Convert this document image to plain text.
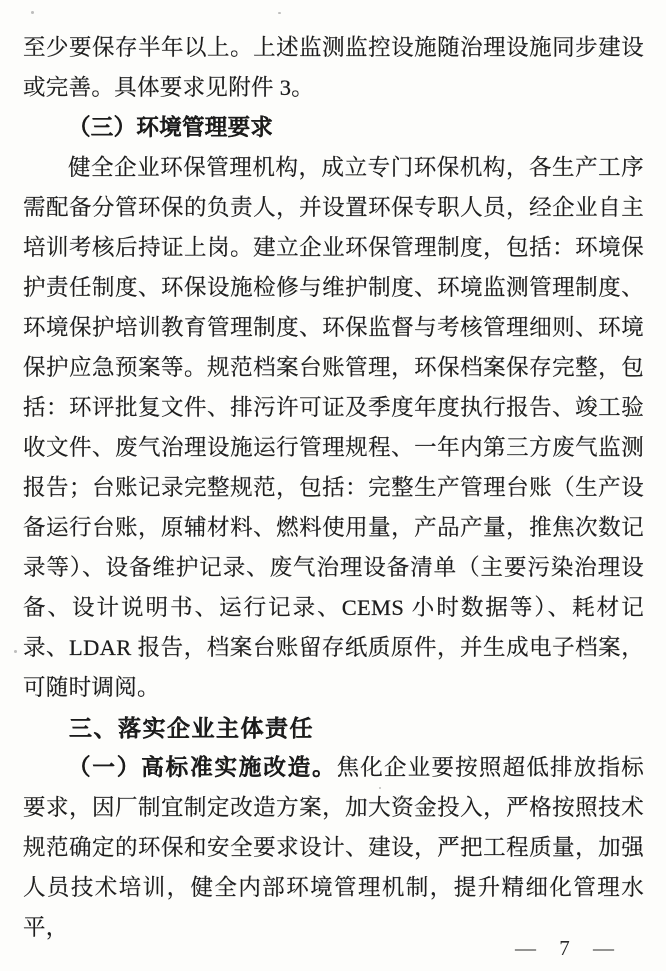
至少要保存半年以上。上述监测监控设施随治理设施同步建设或完善。具体要求见附件 3。

（三）环境管理要求

健全企业环保管理机构，成立专门环保机构，各生产工序需配备分管环保的负责人，并设置环保专职人员，经企业自主培训考核后持证上岗。建立企业环保管理制度，包括：环境保护责任制度、环保设施检修与维护制度、环境监测管理制度、环境保护培训教育管理制度、环保监督与考核管理细则、环境保护应急预案等。规范档案台账管理，环保档案保存完整，包括：环评批复文件、排污许可证及季度年度执行报告、竣工验收文件、废气治理设施运行管理规程、一年内第三方废气监测报告；台账记录完整规范，包括：完整生产管理台账（生产设备运行台账，原辅材料、燃料使用量，产品产量，推焦次数记录等）、设备维护记录、废气治理设备清单（主要污染治理设备、设计说明书、运行记录、CEMS 小时数据等）、耗材记录、LDAR 报告，档案台账留存纸质原件，并生成电子档案，可随时调阅。

三、落实企业主体责任

（一）高标准实施改造。焦化企业要按照超低排放指标要求，因厂制宜制定改造方案，加大资金投入，严格按照技术规范确定的环保和安全要求设计、建设，严把工程质量，加强人员技术培训，健全内部环境管理机制，提升精细化管理水平，

— 7 —
